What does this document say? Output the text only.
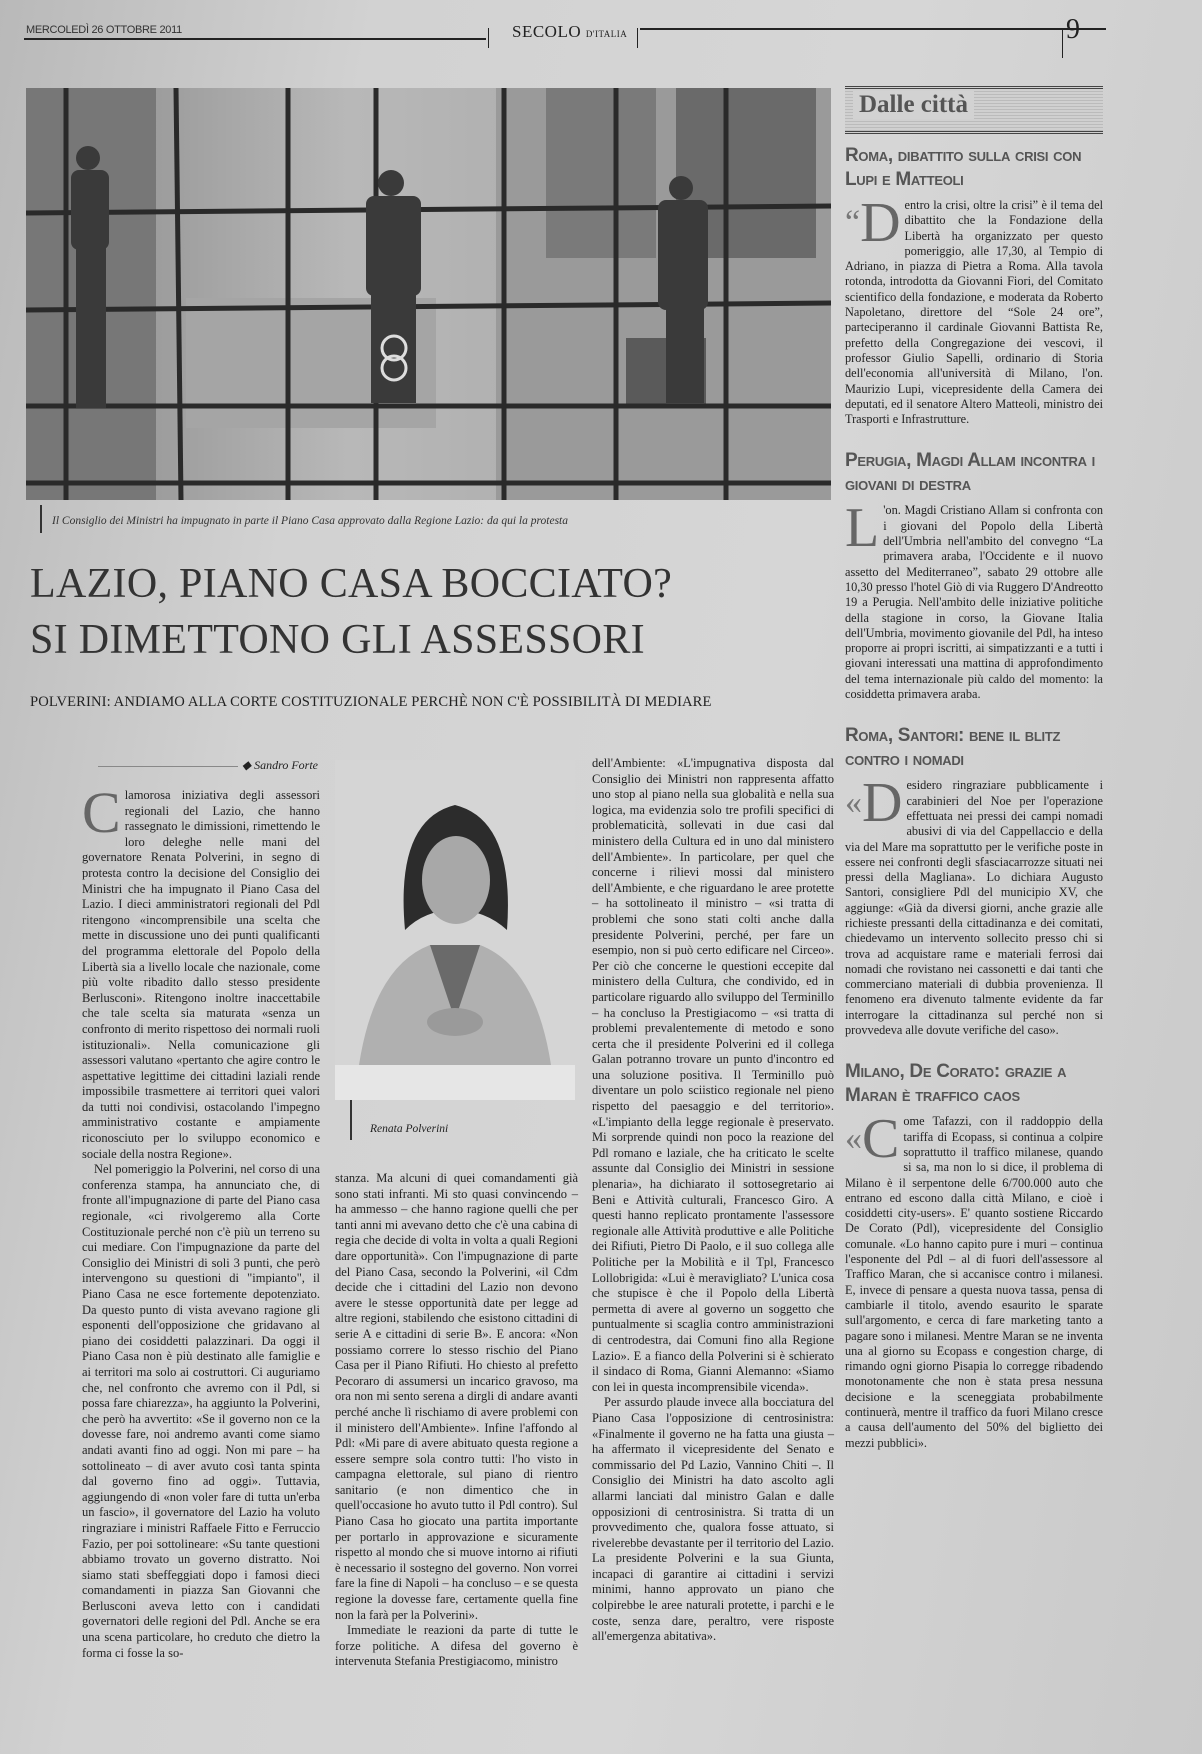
MERCOLEDÌ 26 OTTOBRE 2011	SECOLO D'ITALIA	9
Il Consiglio dei Ministri ha impugnato in parte il Piano Casa approvato dalla Regione Lazio: da qui la protesta
LAZIO, PIANO CASA BOCCIATO?
SI DIMETTONO GLI ASSESSORI
POLVERINI: ANDIAMO ALLA CORTE COSTITUZIONALE PERCHÈ NON C'È POSSIBILITÀ DI MEDIARE
◆ Sandro Forte

Clamorosa iniziativa degli assessori regionali del Lazio, che hanno rassegnato le dimissioni, rimettendo le loro deleghe nelle mani del governatore Renata Polverini, in segno di protesta contro la decisione del Consiglio dei Ministri che ha impugnato il Piano Casa del Lazio. I dieci amministratori regionali del Pdl ritengono «incomprensibile una scelta che mette in discussione uno dei punti qualificanti del programma elettorale del Popolo della Libertà sia a livello locale che nazionale, come più volte ribadito dallo stesso presidente Berlusconi». Ritengono inoltre inaccettabile che tale scelta sia maturata «senza un confronto di merito rispettoso dei normali ruoli istituzionali». Nella comunicazione gli assessori valutano «pertanto che agire contro le aspettative legittime dei cittadini laziali rende impossibile trasmettere ai territori quei valori da tutti noi condivisi, ostacolando l'impegno amministrativo costante e ampiamente riconosciuto per lo sviluppo economico e sociale della nostra Regione».

Nel pomeriggio la Polverini, nel corso di una conferenza stampa, ha annunciato che, di fronte all'impugnazione di parte del Piano casa regionale, «ci rivolgeremo alla Corte Costituzionale perché non c'è più un terreno su cui mediare. Con l'impugnazione da parte del Consiglio dei Ministri di soli 3 punti, che però intervengono su questioni di "impianto", il Piano Casa ne esce fortemente depotenziato. Da questo punto di vista avevano ragione gli esponenti dell'opposizione che gridavano al piano dei cosiddetti palazzinari. Da oggi il Piano Casa non è più destinato alle famiglie e ai territori ma solo ai costruttori. Ci auguriamo che, nel confronto che avremo con il Pdl, si possa fare chiarezza», ha aggiunto la Polverini, che però ha avvertito: «Se il governo non ce la dovesse fare, noi andremo avanti come siamo andati avanti fino ad oggi. Non mi pare – ha sottolineato – di aver avuto così tanta spinta dal governo fino ad oggi». Tuttavia, aggiungendo di «non voler fare di tutta un'erba un fascio», il governatore del Lazio ha voluto ringraziare i ministri Raffaele Fitto e Ferruccio Fazio, per poi sottolineare: «Su tante questioni abbiamo trovato un governo distratto. Noi siamo stati sbeffeggiati dopo i famosi dieci comandamenti in piazza San Giovanni che Berlusconi aveva letto con i candidati governatori delle regioni del Pdl. Anche se era una scena particolare, ho creduto che dietro la forma ci fosse la so-

Renata Polverini

stanza. Ma alcuni di quei comandamenti già sono stati infranti. Mi sto quasi convincendo – ha ammesso – che hanno ragione quelli che per tanti anni mi avevano detto che c'è una cabina di regia che decide di volta in volta a quali Regioni dare opportunità». Con l'impugnazione di parte del Piano Casa, secondo la Polverini, «il Cdm decide che i cittadini del Lazio non devono avere le stesse opportunità date per legge ad altre regioni, stabilendo che esistono cittadini di serie A e cittadini di serie B». E ancora: «Non possiamo correre lo stesso rischio del Piano Casa per il Piano Rifiuti. Ho chiesto al prefetto Pecoraro di assumersi un incarico gravoso, ma ora non mi sento serena a dirgli di andare avanti perché anche lì rischiamo di avere problemi con il ministero dell'Ambiente». Infine l'affondo al Pdl: «Mi pare di avere abituato questa regione a essere sempre sola contro tutti: l'ho visto in campagna elettorale, sul piano di rientro sanitario (e non dimentico che in quell'occasione ho avuto tutto il Pdl contro). Sul Piano Casa ho giocato una partita importante per portarlo in approvazione e sicuramente rispetto al mondo che si muove intorno ai rifiuti è necessario il sostegno del governo. Non vorrei fare la fine di Napoli – ha concluso – e se questa regione la dovesse fare, certamente quella fine non la farà per la Polverini».

Immediate le reazioni da parte di tutte le forze politiche. A difesa del governo è intervenuta Stefania Prestigiacomo, ministro

dell'Ambiente: «L'impugnativa disposta dal Consiglio dei Ministri non rappresenta affatto uno stop al piano nella sua globalità e nella sua logica, ma evidenzia solo tre profili specifici di problematicità, sollevati in due casi dal ministero della Cultura ed in uno dal ministero dell'Ambiente». In particolare, per quel che concerne i rilievi mossi dal ministero dell'Ambiente, e che riguardano le aree protette – ha sottolineato il ministro – «si tratta di problemi che sono stati colti anche dalla presidente Polverini, perché, per fare un esempio, non si può certo edificare nel Circeo». Per ciò che concerne le questioni eccepite dal ministero della Cultura, che condivido, ed in particolare riguardo allo sviluppo del Terminillo – ha concluso la Prestigiacomo – «si tratta di problemi prevalentemente di metodo e sono certa che il presidente Polverini ed il collega Galan potranno trovare un punto d'incontro ed una soluzione positiva. Il Terminillo può diventare un polo sciistico regionale nel pieno rispetto del paesaggio e del territorio». «L'impianto della legge regionale è preservato. Mi sorprende quindi non poco la reazione del Pdl romano e laziale, che ha criticato le scelte assunte dal Consiglio dei Ministri in sessione plenaria», ha dichiarato il sottosegretario ai Beni e Attività culturali, Francesco Giro. A questi hanno replicato prontamente l'assessore regionale alle Attività produttive e alle Politiche dei Rifiuti, Pietro Di Paolo, e il suo collega alle Politiche per la Mobilità e il Tpl, Francesco Lollobrigida: «Lui è meravigliato? L'unica cosa che stupisce è che il Popolo della Libertà permetta di avere al governo un soggetto che puntualmente si scaglia contro amministrazioni di centrodestra, dai Comuni fino alla Regione Lazio». E a fianco della Polverini si è schierato il sindaco di Roma, Gianni Alemanno: «Siamo con lei in questa incomprensibile vicenda».

Per assurdo plaude invece alla bocciatura del Piano Casa l'opposizione di centrosinistra: «Finalmente il governo ne ha fatta una giusta – ha affermato il vicepresidente del Senato e commissario del Pd Lazio, Vannino Chiti –. Il Consiglio dei Ministri ha dato ascolto agli allarmi lanciati dal ministro Galan e dalle opposizioni di centrosinistra. Si tratta di un provvedimento che, qualora fosse attuato, si rivelerebbe devastante per il territorio del Lazio. La presidente Polverini e la sua Giunta, incapaci di garantire ai cittadini i servizi minimi, hanno approvato un piano che colpirebbe le aree naturali protette, i parchi e le coste, senza dare, peraltro, vere risposte all'emergenza abitativa».

Dalle città
Roma, dibattito sulla crisi con Lupi e Matteoli
“ D entro la crisi, oltre la crisi” è il tema del dibattito che la Fondazione della Libertà ha organizzato per questo pomeriggio, alle 17,30, al Tempio di Adriano, in piazza di Pietra a Roma. Alla tavola rotonda, introdotta da Giovanni Fiori, del Comitato scientifico della fondazione, e moderata da Roberto Napoletano, direttore del “Sole 24 ore”, parteciperanno il cardinale Giovanni Battista Re, prefetto della Congregazione dei vescovi, il professor Giulio Sapelli, ordinario di Storia dell'economia all'università di Milano, l'on. Maurizio Lupi, vicepresidente della Camera dei deputati, ed il senatore Altero Matteoli, ministro dei Trasporti e Infrastrutture.
Perugia, Magdi Allam incontra i giovani di destra
L 'on. Magdi Cristiano Allam si confronta con i giovani del Popolo della Libertà dell'Umbria nell'ambito del convegno “La primavera araba, l'Occidente e il nuovo assetto del Mediterraneo”, sabato 29 ottobre alle 10,30 presso l'hotel Giò di via Ruggero D'Andreotto 19 a Perugia. Nell'ambito delle iniziative politiche della stagione in corso, la Giovane Italia dell'Umbria, movimento giovanile del Pdl, ha inteso proporre ai propri iscritti, ai simpatizzanti e a tutti i giovani interessati una mattina di approfondimento del tema internazionale più caldo del momento: la cosiddetta primavera araba.
Roma, Santori: bene il blitz contro i nomadi
« D esidero ringraziare pubblicamente i carabinieri del Noe per l'operazione effettuata nei pressi dei campi nomadi abusivi di via del Cappellaccio e della via del Mare ma soprattutto per le verifiche poste in essere nei confronti degli sfasciacarrozze situati nei pressi della Magliana». Lo dichiara Augusto Santori, consigliere Pdl del municipio XV, che aggiunge: «Già da diversi giorni, anche grazie alle richieste pressanti della cittadinanza e dei comitati, chiedevamo un intervento sollecito presso chi si trova ad acquistare rame e materiali ferrosi dai nomadi che rovistano nei cassonetti e dai tanti che commerciano materiali di dubbia provenienza. Il fenomeno era divenuto talmente evidente da far interrogare la cittadinanza sul perché non si provvedeva alle dovute verifiche del caso».
Milano, De Corato: grazie a Maran è traffico caos
« C ome Tafazzi, con il raddoppio della tariffa di Ecopass, si continua a colpire soprattutto il traffico milanese, quando si sa, ma non lo si dice, il problema di Milano è il serpentone delle 6/700.000 auto che entrano ed escono dalla città Milano, e cioè i cosiddetti city-users». E' quanto sostiene Riccardo De Corato (Pdl), vicepresidente del Consiglio comunale. «Lo hanno capito pure i muri – continua l'esponente del Pdl – al di fuori dell'assessore al Traffico Maran, che si accanisce contro i milanesi. E, invece di pensare a questa nuova tassa, pensa di cambiarle il titolo, avendo esaurito le sparate sull'argomento, e cerca di fare marketing tanto a pagare sono i milanesi. Mentre Maran se ne inventa una al giorno su Ecopass e congestion charge, di rimando ogni giorno Pisapia lo corregge ribadendo monotonamente che non è stata presa nessuna decisione e la sceneggiata probabilmente continuerà, mentre il traffico da fuori Milano cresce a causa dell'aumento del 50% del biglietto dei mezzi pubblici».
